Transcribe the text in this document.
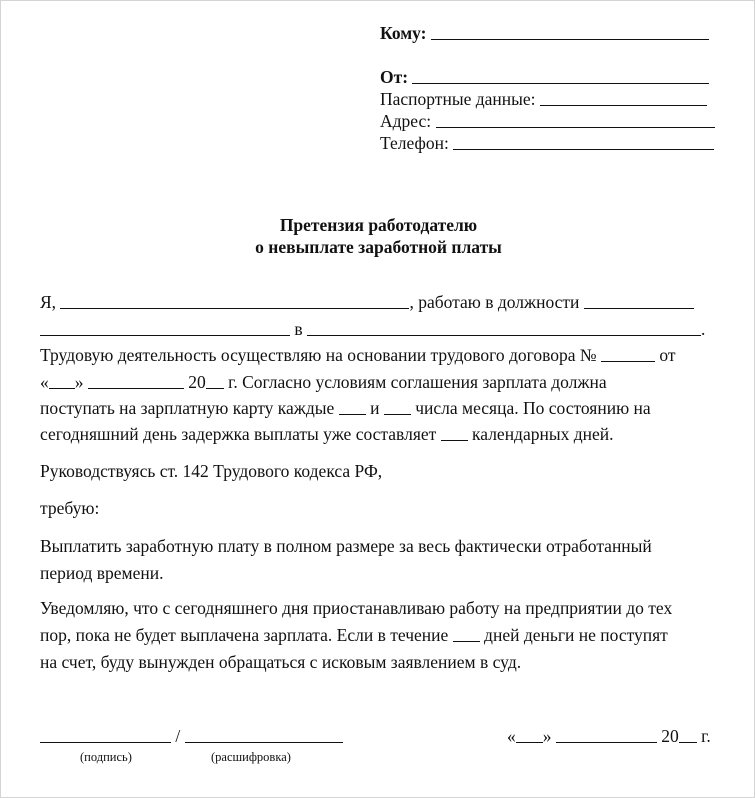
Кому:
От:
Паспортные данные:
Адрес:
Телефон:
Претензия работодателю
о невыплате заработной платы
Я,	, работаю в должности
в	.
Трудовую деятельность осуществляю на основании трудового договора №	от
« »	20 г. Согласно условиям соглашения зарплата должна
поступать на зарплатную карту каждые и числа месяца. По состоянию на
сегодняшний день задержка выплаты уже составляет календарных дней.
Руководствуясь ст. 142 Трудового кодекса РФ,
требую:
Выплатить заработную плату в полном размере за весь фактически отработанный
период времени.
Уведомляю, что с сегодняшнего дня приостанавливаю работу на предприятии до тех
пор, пока не будет выплачена зарплата. Если в течение дней деньги не поступят
на счет, буду вынужден обращаться с исковым заявлением в суд.
/
(подпись)	(расшифровка)
« »	20 г.
